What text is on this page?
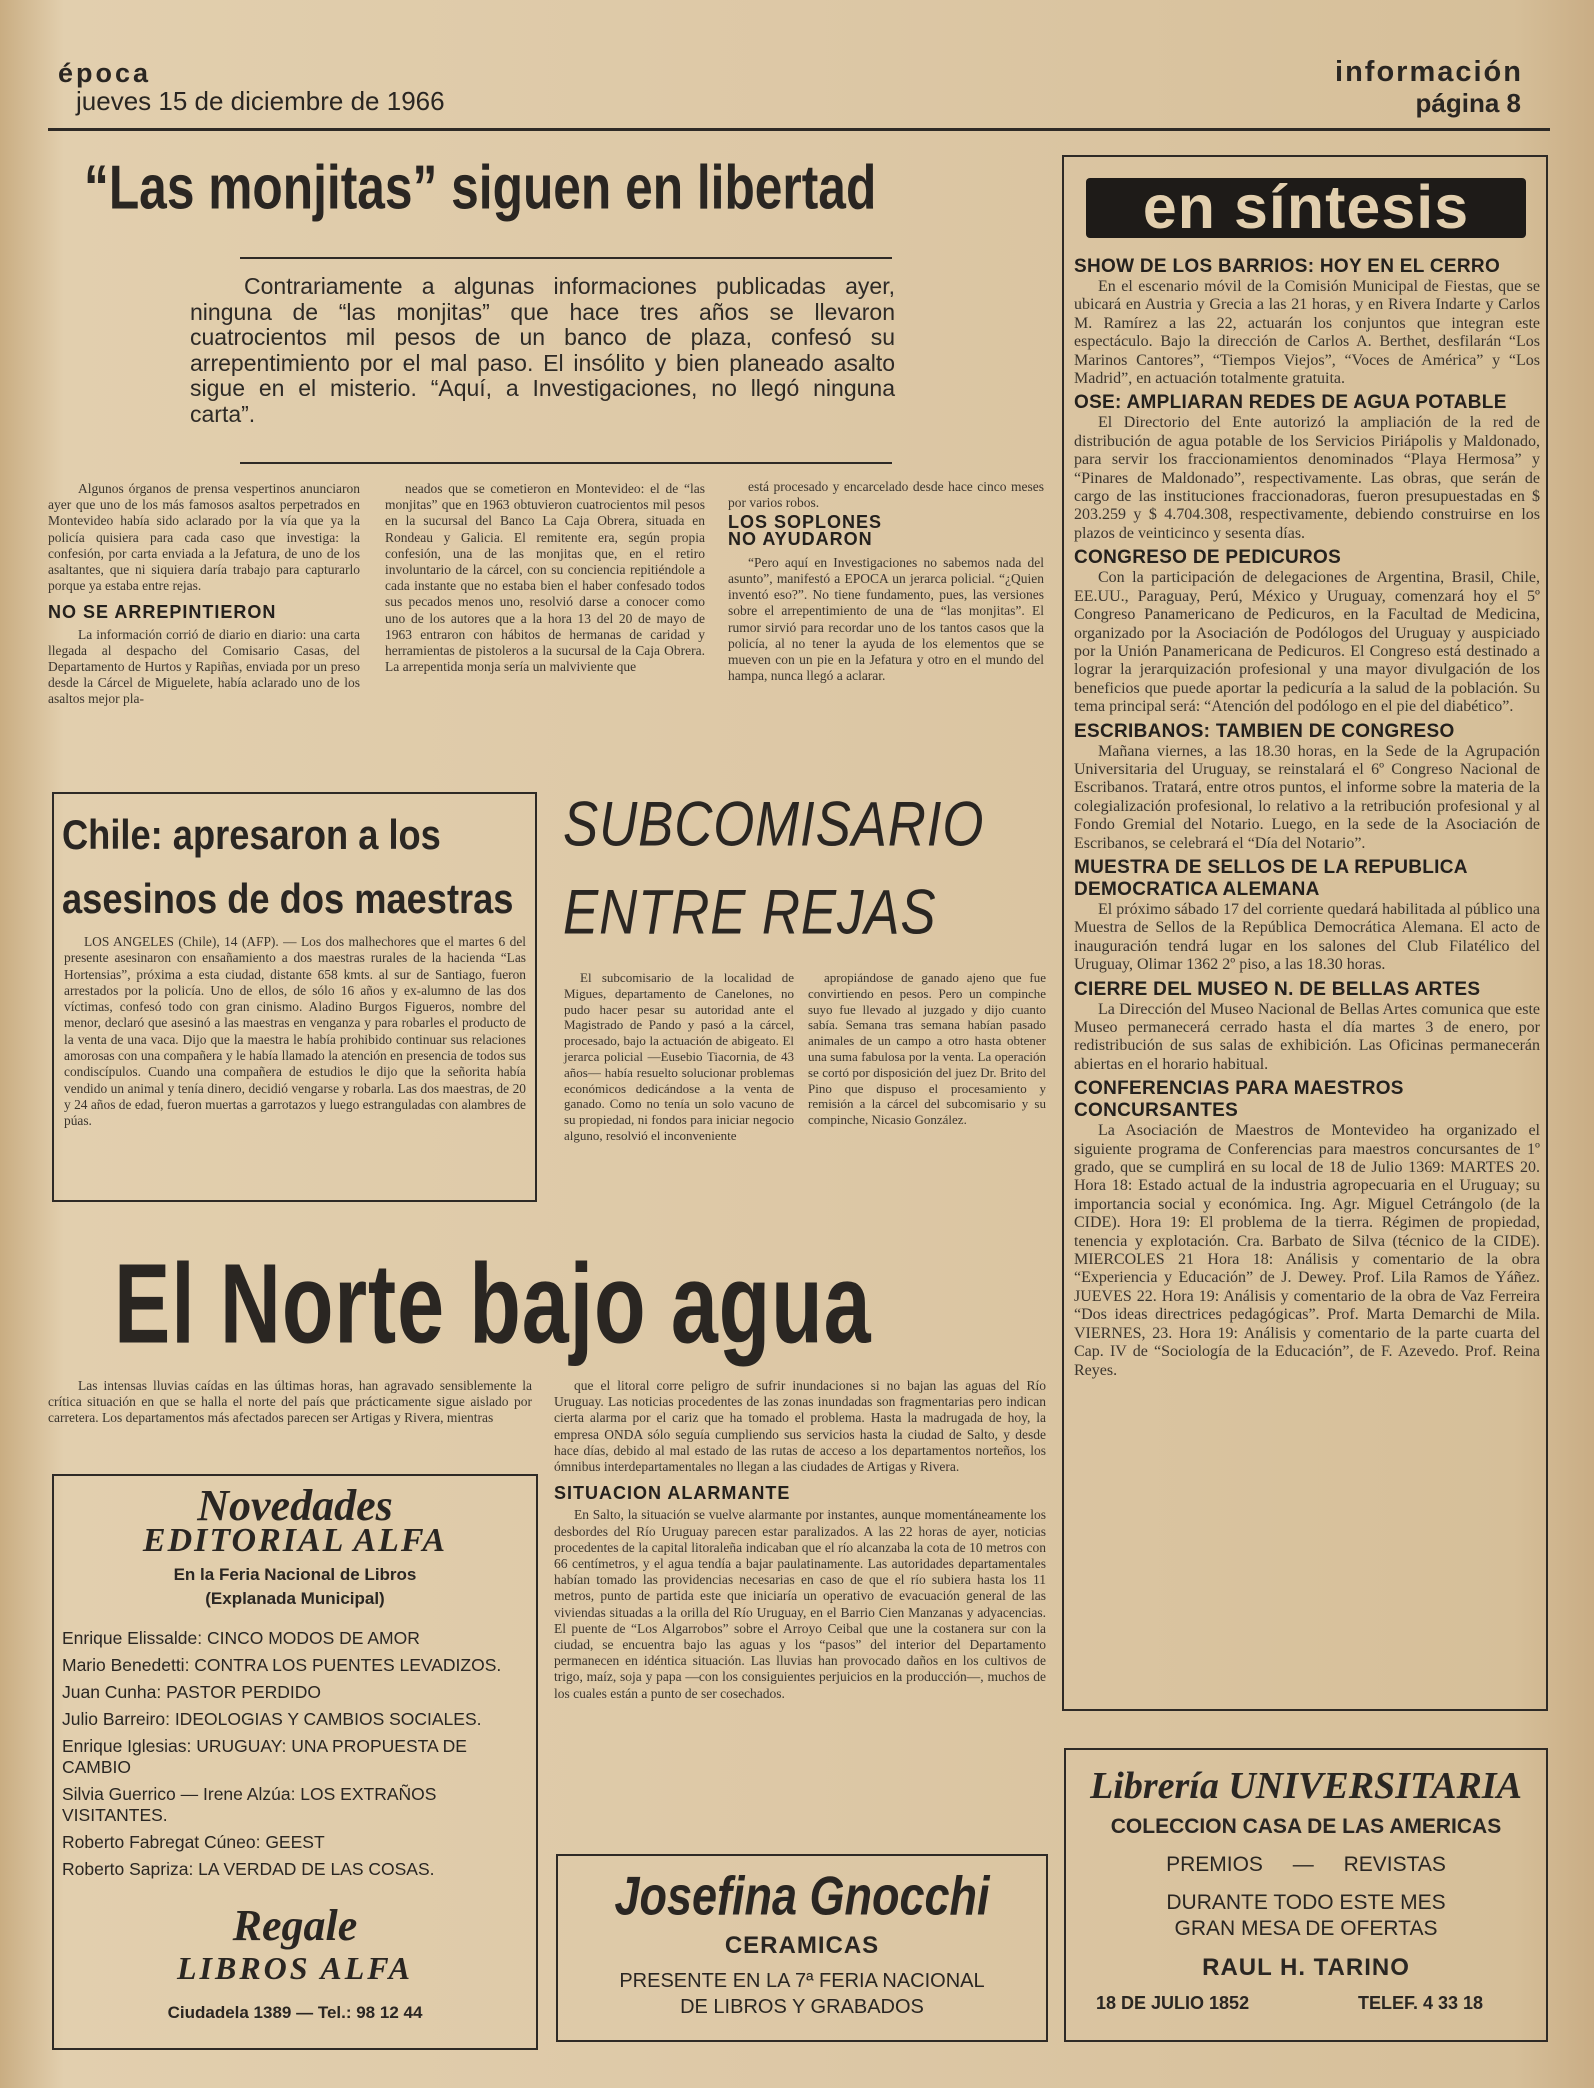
época
jueves 15 de diciembre de 1966
información
página 8
“Las monjitas” siguen en libertad
Contrariamente a algunas informaciones publicadas ayer, ninguna de “las monjitas” que hace tres años se llevaron cuatrocientos mil pesos de un banco de plaza, confesó su arrepentimiento por el mal paso. El insólito y bien planeado asalto sigue en el misterio. “Aquí, a Investigaciones, no llegó ninguna carta”.
Algunos órganos de prensa vespertinos anunciaron ayer que uno de los más famosos asaltos perpetrados en Montevideo había sido aclarado por la vía que ya la policía quisiera para cada caso que investiga: la confesión, por carta enviada a la Jefatura, de uno de los asaltantes, que ni siquiera daría trabajo para capturarlo porque ya estaba entre rejas.
NO SE ARREPINTIERON
La información corrió de diario en diario: una carta llegada al despacho del Comisario Casas, del Departamento de Hurtos y Rapiñas, enviada por un preso desde la Cárcel de Miguelete, había aclarado uno de los asaltos mejor pla-
neados que se cometieron en Montevideo: el de “las monjitas” que en 1963 obtuvieron cuatrocientos mil pesos en la sucursal del Banco La Caja Obrera, situada en Rondeau y Galicia. El remitente era, según propia confesión, una de las monjitas que, en el retiro involuntario de la cárcel, con su conciencia repitiéndole a cada instante que no estaba bien el haber confesado todos sus pecados menos uno, resolvió darse a conocer como uno de los autores que a la hora 13 del 20 de mayo de 1963 entraron con hábitos de hermanas de caridad y herramientas de pistoleros a la sucursal de la Caja Obrera. La arrepentida monja sería un malviviente que
está procesado y encarcelado desde hace cinco meses por varios robos.
LOS SOPLONES
NO AYUDARON
“Pero aquí en Investigaciones no sabemos nada del asunto”, manifestó a EPOCA un jerarca policial. “¿Quien inventó eso?”. No tiene fundamento, pues, las versiones sobre el arrepentimiento de una de “las monjitas”. El rumor sirvió para recordar uno de los tantos casos que la policía, al no tener la ayuda de los elementos que se mueven con un pie en la Jefatura y otro en el mundo del hampa, nunca llegó a aclarar.
Chile: apresaron a los
asesinos de dos maestras
LOS ANGELES (Chile), 14 (AFP). — Los dos malhechores que el martes 6 del presente asesinaron con ensañamiento a dos maestras rurales de la hacienda “Las Hortensias”, próxima a esta ciudad, distante 658 kmts. al sur de Santiago, fueron arrestados por la policía. Uno de ellos, de sólo 16 años y ex-alumno de las dos víctimas, confesó todo con gran cinismo. Aladino Burgos Figueros, nombre del menor, declaró que asesinó a las maestras en venganza y para robarles el producto de la venta de una vaca. Dijo que la maestra le había prohibido continuar sus relaciones amorosas con una compañera y le había llamado la atención en presencia de todos sus condiscípulos. Cuando una compañera de estudios le dijo que la señorita había vendido un animal y tenía dinero, decidió vengarse y robarla. Las dos maestras, de 20 y 24 años de edad, fueron muertas a garrotazos y luego estranguladas con alambres de púas.
SUBCOMISARIO
ENTRE REJAS
El subcomisario de la localidad de Migues, departamento de Canelones, no pudo hacer pesar su autoridad ante el Magistrado de Pando y pasó a la cárcel, procesado, bajo la actuación de abigeato. El jerarca policial —Eusebio Tiacornia, de 43 años— había resuelto solucionar problemas económicos dedicándose a la venta de ganado. Como no tenía un solo vacuno de su propiedad, ni fondos para iniciar negocio alguno, resolvió el inconveniente
apropiándose de ganado ajeno que fue convirtiendo en pesos. Pero un compinche suyo fue llevado al juzgado y dijo cuanto sabía. Semana tras semana habían pasado animales de un campo a otro hasta obtener una suma fabulosa por la venta. La operación se cortó por disposición del juez Dr. Brito del Pino que dispuso el procesamiento y remisión a la cárcel del subcomisario y su compinche, Nicasio González.
El Norte bajo agua
Las intensas lluvias caídas en las últimas horas, han agravado sensiblemente la crítica situación en que se halla el norte del país que prácticamente sigue aislado por carretera. Los departamentos más afectados parecen ser Artigas y Rivera, mientras
que el litoral corre peligro de sufrir inundaciones si no bajan las aguas del Río Uruguay. Las noticias procedentes de las zonas inundadas son fragmentarias pero indican cierta alarma por el cariz que ha tomado el problema. Hasta la madrugada de hoy, la empresa ONDA sólo seguía cumpliendo sus servicios hasta la ciudad de Salto, y desde hace días, debido al mal estado de las rutas de acceso a los departamentos norteños, los ómnibus interdepartamentales no llegan a las ciudades de Artigas y Rivera.
SITUACION ALARMANTE
En Salto, la situación se vuelve alarmante por instantes, aunque momentáneamente los desbordes del Río Uruguay parecen estar paralizados. A las 22 horas de ayer, noticias procedentes de la capital litoraleña indicaban que el río alcanzaba la cota de 10 metros con 66 centímetros, y el agua tendía a bajar paulatinamente. Las autoridades departamentales habían tomado las providencias necesarias en caso de que el río subiera hasta los 11 metros, punto de partida este que iniciaría un operativo de evacuación general de las viviendas situadas a la orilla del Río Uruguay, en el Barrio Cien Manzanas y adyacencias. El puente de “Los Algarrobos” sobre el Arroyo Ceibal que une la costanera sur con la ciudad, se encuentra bajo las aguas y los “pasos” del interior del Departamento permanecen en idéntica situación. Las lluvias han provocado daños en los cultivos de trigo, maíz, soja y papa —con los consiguientes perjuicios en la producción—, muchos de los cuales están a punto de ser cosechados.
Novedades
EDITORIAL ALFA
En la Feria Nacional de Libros
(Explanada Municipal)

Enrique Elissalde: CINCO MODOS DE AMOR

Mario Benedetti: CONTRA LOS PUENTES LEVADIZOS.

Juan Cunha: PASTOR PERDIDO

Julio Barreiro: IDEOLOGIAS Y CAMBIOS SOCIALES.

Enrique Iglesias: URUGUAY: UNA PROPUESTA DE CAMBIO

Silvia Guerrico — Irene Alzúa: LOS EXTRAÑOS VISITANTES.

Roberto Fabregat Cúneo: GEEST

Roberto Sapriza: LA VERDAD DE LAS COSAS.

Regale
LIBROS ALFA
Ciudadela 1389 — Tel.: 98 12 44
Josefina Gnocchi
CERAMICAS
PRESENTE EN LA 7ª FERIA NACIONAL
DE LIBROS Y GRABADOS
en síntesis
SHOW DE LOS BARRIOS: HOY EN EL CERRO

En el escenario móvil de la Comisión Municipal de Fiestas, que se ubicará en Austria y Grecia a las 21 horas, y en Rivera Indarte y Carlos M. Ramírez a las 22, actuarán los conjuntos que integran este espectáculo. Bajo la dirección de Carlos A. Berthet, desfilarán “Los Marinos Cantores”, “Tiempos Viejos”, “Voces de América” y “Los Madrid”, en actuación totalmente gratuita.

OSE: AMPLIARAN REDES DE AGUA POTABLE

El Directorio del Ente autorizó la ampliación de la red de distribución de agua potable de los Servicios Piriápolis y Maldonado, para servir los fraccionamientos denominados “Playa Hermosa” y “Pinares de Maldonado”, respectivamente. Las obras, que serán de cargo de las instituciones fraccionadoras, fueron presupuestadas en $ 203.259 y $ 4.704.308, respectivamente, debiendo construirse en los plazos de veinticinco y sesenta días.

CONGRESO DE PEDICUROS

Con la participación de delegaciones de Argentina, Brasil, Chile, EE.UU., Paraguay, Perú, México y Uruguay, comenzará hoy el 5º Congreso Panamericano de Pedicuros, en la Facultad de Medicina, organizado por la Asociación de Podólogos del Uruguay y auspiciado por la Unión Panamericana de Pedicuros. El Congreso está destinado a lograr la jerarquización profesional y una mayor divulgación de los beneficios que puede aportar la pedicuría a la salud de la población. Su tema principal será: “Atención del podólogo en el pie del diabético”.

ESCRIBANOS: TAMBIEN DE CONGRESO

Mañana viernes, a las 18.30 horas, en la Sede de la Agrupación Universitaria del Uruguay, se reinstalará el 6º Congreso Nacional de Escribanos. Tratará, entre otros puntos, el informe sobre la materia de la colegialización profesional, lo relativo a la retribución profesional y al Fondo Gremial del Notario. Luego, en la sede de la Asociación de Escribanos, se celebrará el “Día del Notario”.

MUESTRA DE SELLOS DE LA REPUBLICA DEMOCRATICA ALEMANA

El próximo sábado 17 del corriente quedará habilitada al público una Muestra de Sellos de la República Democrática Alemana. El acto de inauguración tendrá lugar en los salones del Club Filatélico del Uruguay, Olimar 1362 2º piso, a las 18.30 horas.

CIERRE DEL MUSEO N. DE BELLAS ARTES

La Dirección del Museo Nacional de Bellas Artes comunica que este Museo permanecerá cerrado hasta el día martes 3 de enero, por redistribución de sus salas de exhibición. Las Oficinas permanecerán abiertas en el horario habitual.

CONFERENCIAS PARA MAESTROS CONCURSANTES

La Asociación de Maestros de Montevideo ha organizado el siguiente programa de Conferencias para maestros concursantes de 1º grado, que se cumplirá en su local de 18 de Julio 1369: MARTES 20. Hora 18: Estado actual de la industria agropecuaria en el Uruguay; su importancia social y económica. Ing. Agr. Miguel Cetrángolo (de la CIDE). Hora 19: El problema de la tierra. Régimen de propiedad, tenencia y explotación. Cra. Barbato de Silva (técnico de la CIDE). MIERCOLES 21 Hora 18: Análisis y comentario de la obra “Experiencia y Educación” de J. Dewey. Prof. Lila Ramos de Yáñez. JUEVES 22. Hora 19: Análisis y comentario de la obra de Vaz Ferreira “Dos ideas directrices pedagógicas”. Prof. Marta Demarchi de Mila. VIERNES, 23. Hora 19: Análisis y comentario de la parte cuarta del Cap. IV de “Sociología de la Educación”, de F. Azevedo. Prof. Reina Reyes.

Librería UNIVERSITARIA
COLECCION CASA DE LAS AMERICAS
PREMIOS — REVISTAS
DURANTE TODO ESTE MES
GRAN MESA DE OFERTAS
RAUL H. TARINO
18 DE JULIO 1852	TELEF. 4 33 18
